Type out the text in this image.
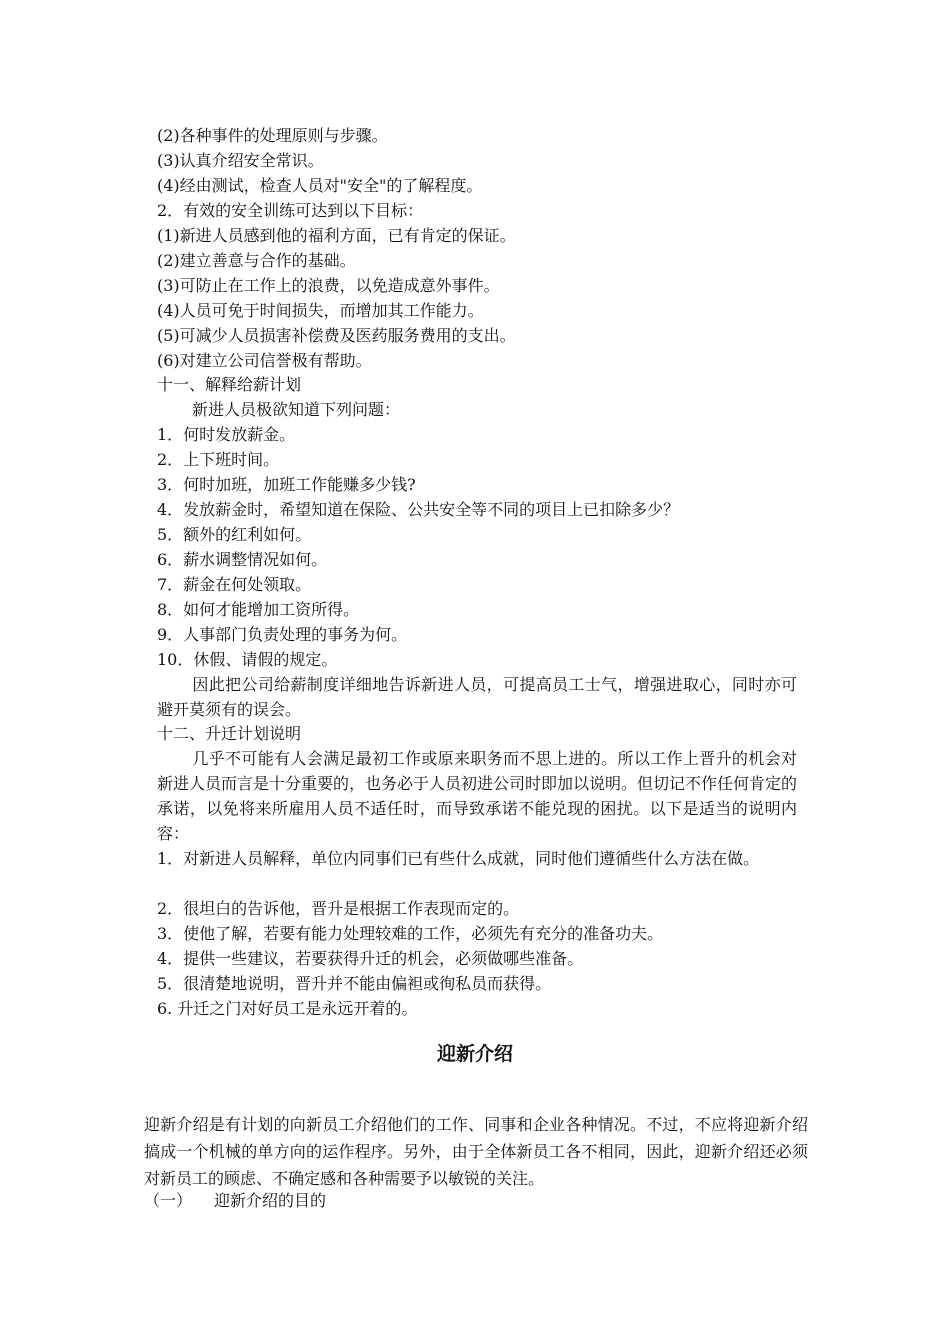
(2)各种事件的处理原则与步骤。
(3)认真介绍安全常识。
(4)经由测试，检查人员对"安全"的了解程度。
2．有效的安全训练可达到以下目标：
(1)新进人员感到他的福利方面，已有肯定的保证。
(2)建立善意与合作的基础。
(3)可防止在工作上的浪费，以免造成意外事件。
(4)人员可免于时间损失，而增加其工作能力。
(5)可减少人员损害补偿费及医药服务费用的支出。
(6)对建立公司信誉极有帮助。
十一、解释给薪计划
新进人员极欲知道下列问题：
1．何时发放薪金。
2．上下班时间。
3．何时加班，加班工作能赚多少钱?
4．发放薪金时，希望知道在保险、公共安全等不同的项目上已扣除多少？
5．额外的红利如何。
6．薪水调整情况如何。
7．薪金在何处领取。
8．如何才能增加工资所得。
9．人事部门负责处理的事务为何。
10．休假、请假的规定。
因此把公司给薪制度详细地告诉新进人员，可提高员工士气，增强进取心，同时亦可避开莫须有的误会。
十二、升迁计划说明
几乎不可能有人会满足最初工作或原来职务而不思上进的。所以工作上晋升的机会对新进人员而言是十分重要的，也务必于人员初进公司时即加以说明。但切记不作任何肯定的承诺，以免将来所雇用人员不适任时，而导致承诺不能兑现的困扰。以下是适当的说明内容：
1．对新进人员解释，单位内同事们已有些什么成就，同时他们遵循些什么方法在做。
2．很坦白的告诉他，晋升是根据工作表现而定的。
3．使他了解，若要有能力处理较难的工作，必须先有充分的准备功夫。
4．提供一些建议，若要获得升迁的机会，必须做哪些准备。
5．很清楚地说明，晋升并不能由偏袒或徇私员而获得。
6. 升迁之门对好员工是永远开着的。
迎新介绍
迎新介绍是有计划的向新员工介绍他们的工作、同事和企业各种情况。不过，不应将迎新介绍搞成一个机械的单方向的运作程序。另外，由于全体新员工各不相同，因此，迎新介绍还必须对新员工的顾虑、不确定感和各种需要予以敏锐的关注。
（一） 迎新介绍的目的
